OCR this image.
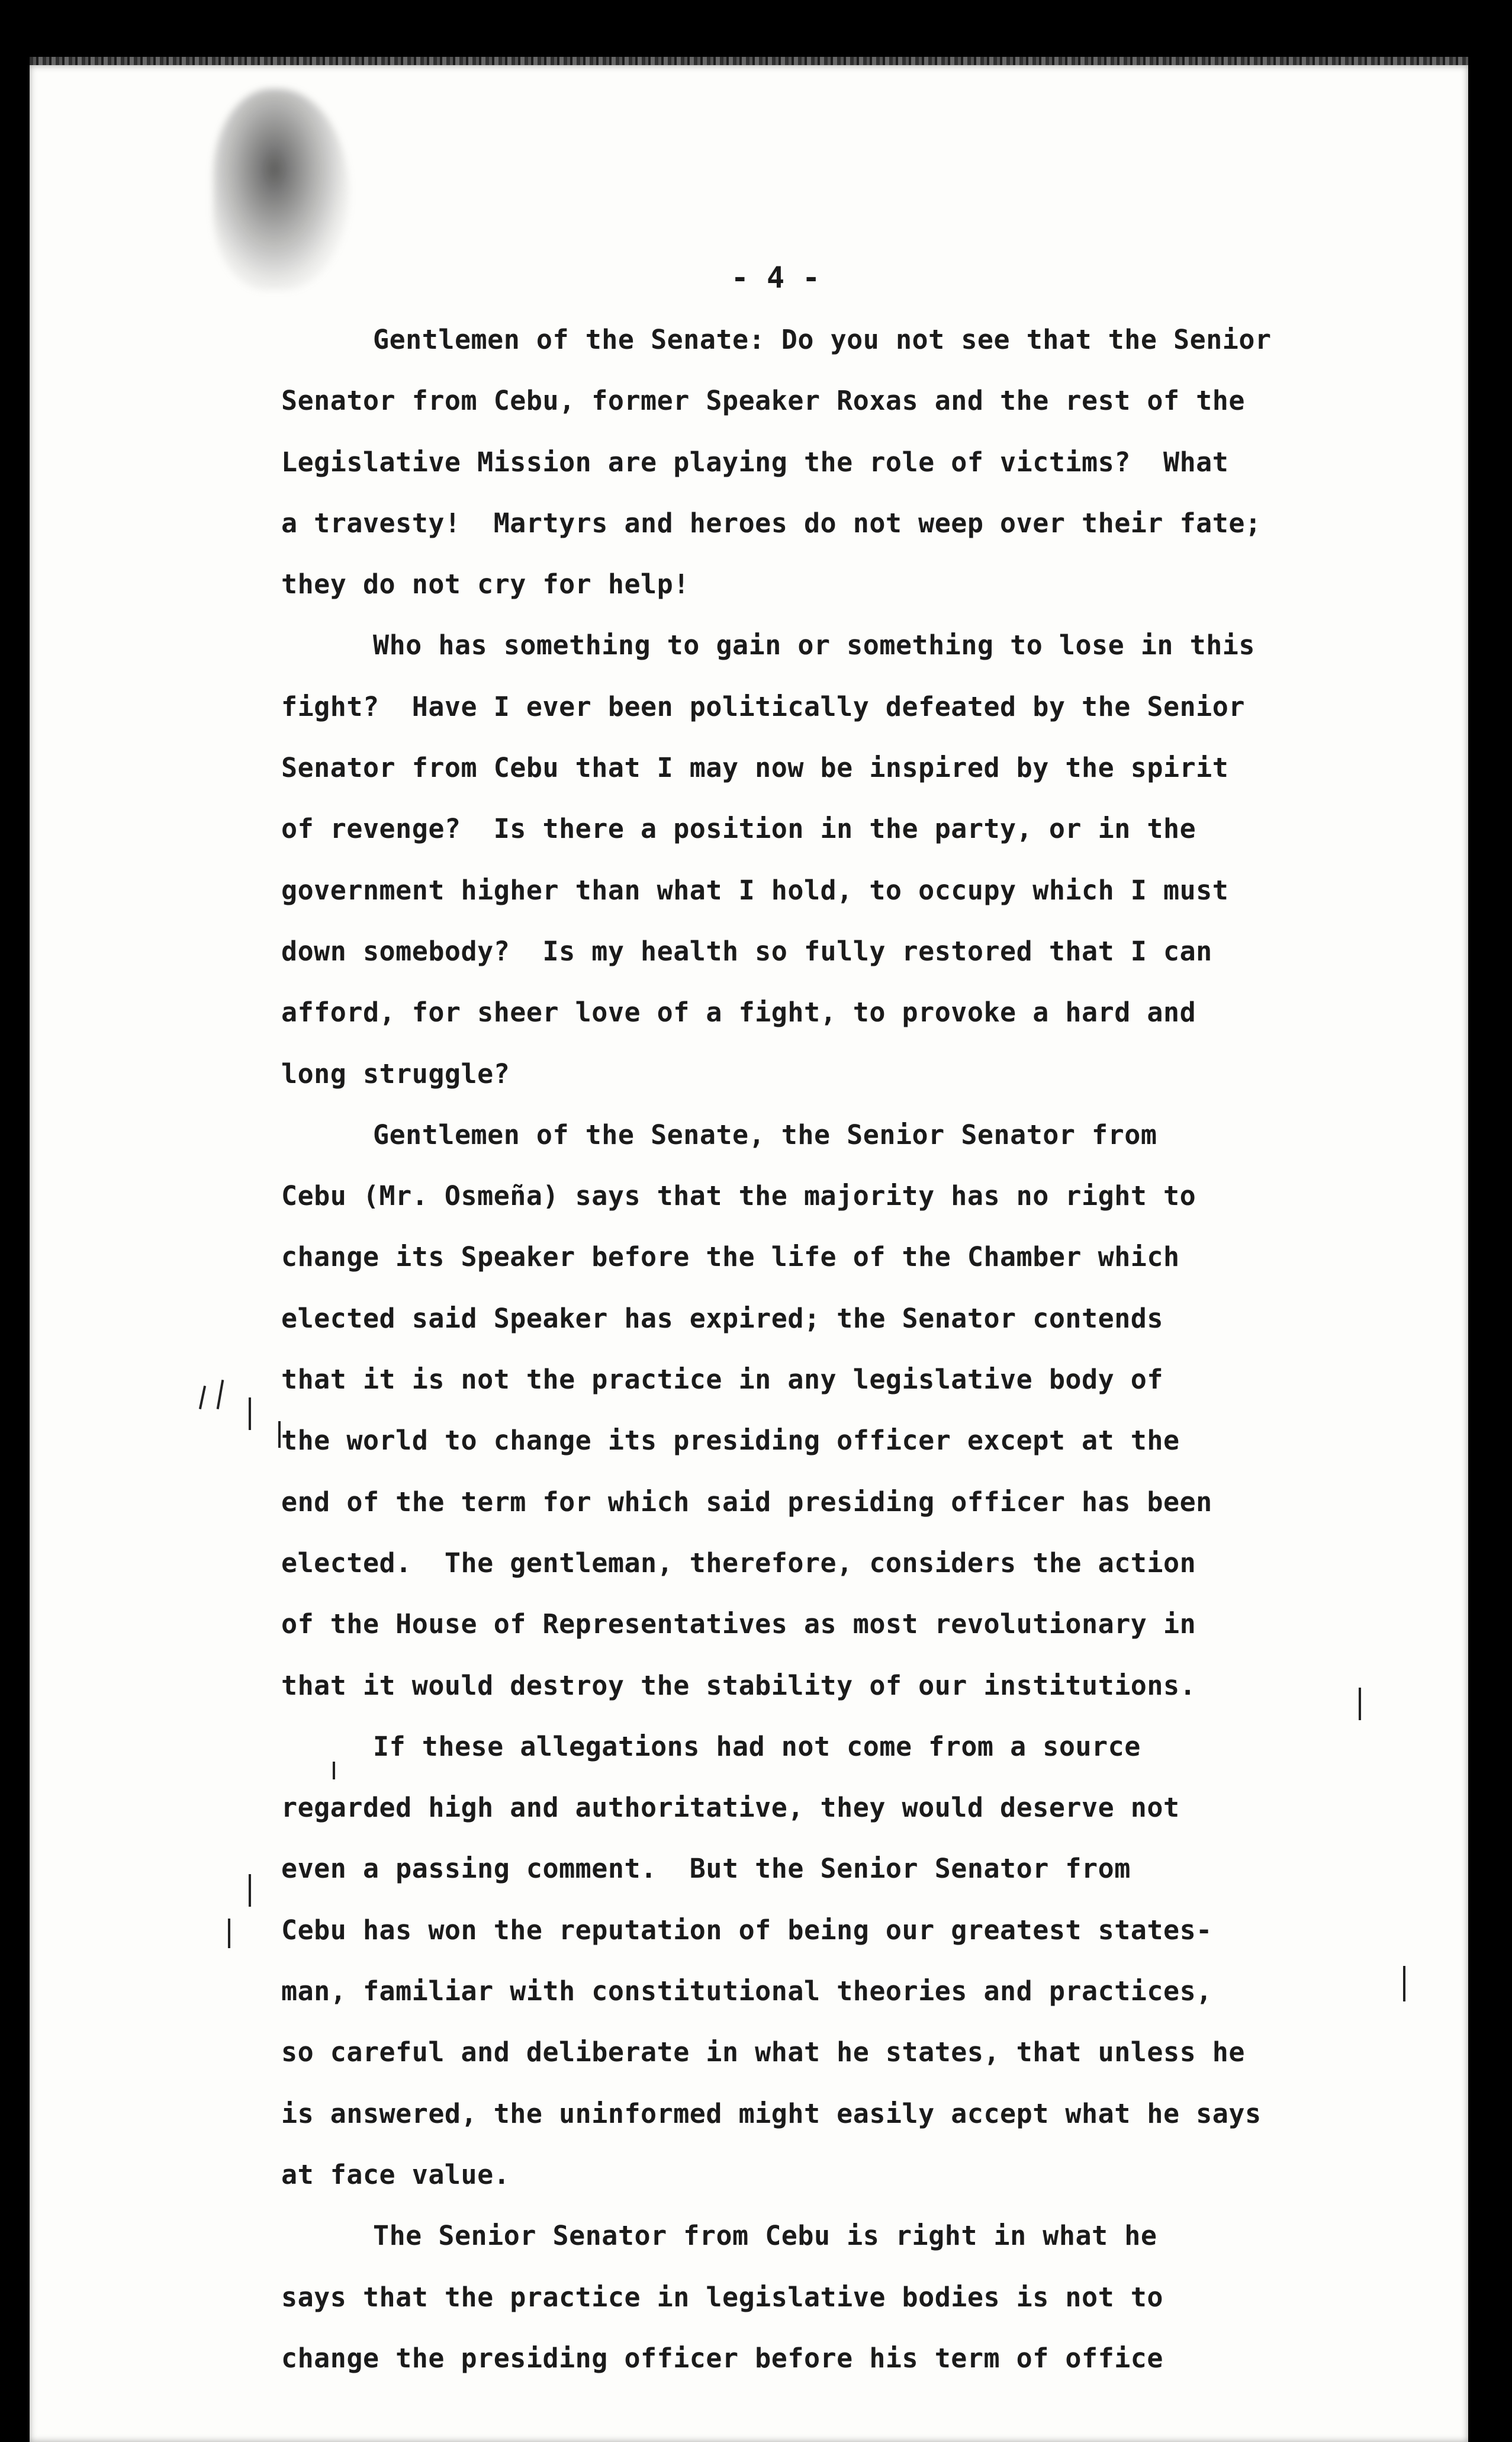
- 4 -

Gentlemen of the Senate: Do you not see that the Senior
Senator from Cebu, former Speaker Roxas and the rest of the
Legislative Mission are playing the role of victims?  What
a travesty!  Martyrs and heroes do not weep over their fate;
they do not cry for help!
Who has something to gain or something to lose in this
fight?  Have I ever been politically defeated by the Senior
Senator from Cebu that I may now be inspired by the spirit
of revenge?  Is there a position in the party, or in the
government higher than what I hold, to occupy which I must
down somebody?  Is my health so fully restored that I can
afford, for sheer love of a fight, to provoke a hard and
long struggle?
Gentlemen of the Senate, the Senior Senator from
Cebu (Mr. Osmeña) says that the majority has no right to
change its Speaker before the life of the Chamber which
elected said Speaker has expired; the Senator contends
that it is not the practice in any legislative body of
the world to change its presiding officer except at the
end of the term for which said presiding officer has been
elected.  The gentleman, therefore, considers the action
of the House of Representatives as most revolutionary in
that it would destroy the stability of our institutions.
If these allegations had not come from a source
regarded high and authoritative, they would deserve not
even a passing comment.  But the Senior Senator from
Cebu has won the reputation of being our greatest states-
man, familiar with constitutional theories and practices,
so careful and deliberate in what he states, that unless he
is answered, the uninformed might easily accept what he says
at face value.
The Senior Senator from Cebu is right in what he
says that the practice in legislative bodies is not to
change the presiding officer before his term of office
